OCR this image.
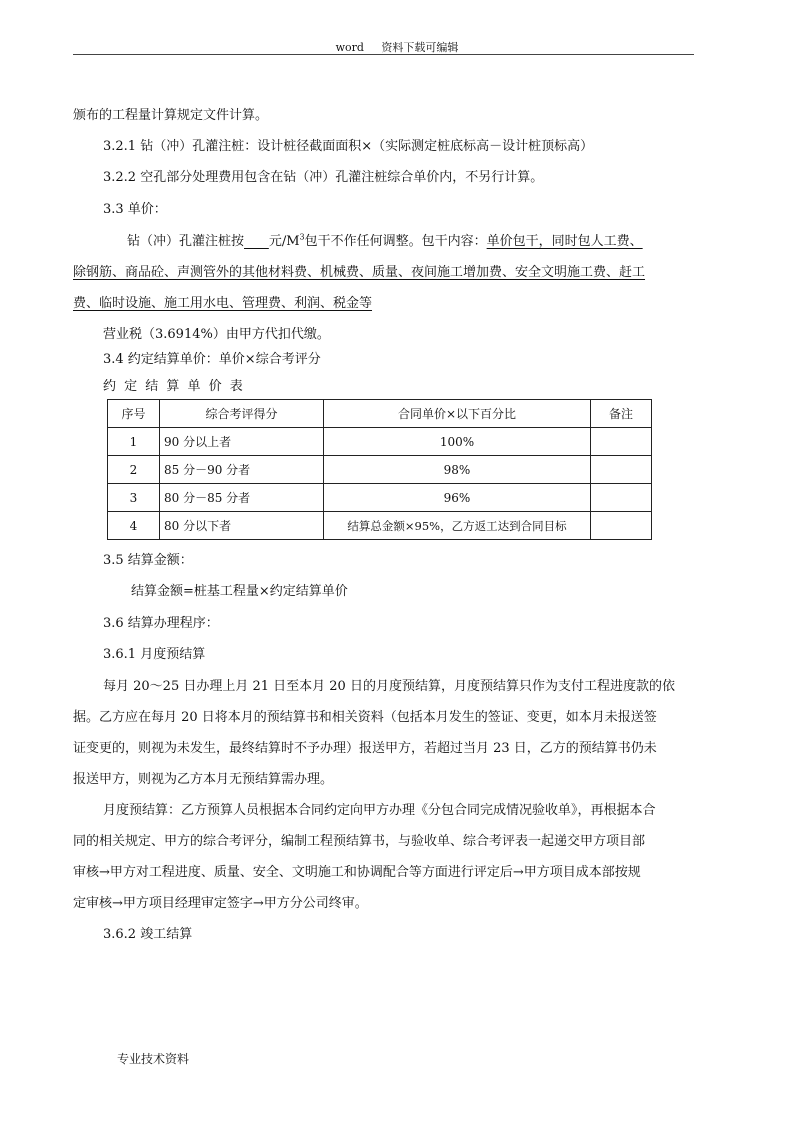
word 资料下载可编辑
颁布的工程量计算规定文件计算。
3.2.1 钻（冲）孔灌注桩：设计桩径截面面积×（实际测定桩底标高－设计桩顶标高）
3.2.2 空孔部分处理费用包含在钻（冲）孔灌注桩综合单价内，不另行计算。
3.3 单价：
钻（冲）孔灌注桩按 元$/M^3$包干不作任何调整。包干内容：单价包干，同时包人工费、
除钢筋、商品砼、声测管外的其他材料费、机械费、质量、夜间施工增加费、安全文明施工费、赶工
费、临时设施、施工用水电、管理费、利润、税金等
营业税（3.6914%）由甲方代扣代缴。
3.4 约定结算单价：单价×综合考评分
约 定 结 算 单 价 表
序号	综合考评得分	合同单价×以下百分比	备注
1	90 分以上者	100%	
2	85 分－90 分者	98%	
3	80 分－85 分者	96%	
4	80 分以下者	结算总金额×95%，乙方返工达到合同目标	
3.5 结算金额：
结算金额=桩基工程量×约定结算单价
3.6 结算办理程序：
3.6.1 月度预结算
每月 20～25 日办理上月 21 日至本月 20 日的月度预结算，月度预结算只作为支付工程进度款的依
据。乙方应在每月 20 日将本月的预结算书和相关资料（包括本月发生的签证、变更，如本月未报送签
证变更的，则视为未发生，最终结算时不予办理）报送甲方，若超过当月 23 日，乙方的预结算书仍未
报送甲方，则视为乙方本月无预结算需办理。
月度预结算：乙方预算人员根据本合同约定向甲方办理《分包合同完成情况验收单》，再根据本合
同的相关规定、甲方的综合考评分，编制工程预结算书，与验收单、综合考评表一起递交甲方项目部
审核→甲方对工程进度、质量、安全、文明施工和协调配合等方面进行评定后→甲方项目成本部按规
定审核→甲方项目经理审定签字→甲方分公司终审。
3.6.2 竣工结算
专业技术资料
